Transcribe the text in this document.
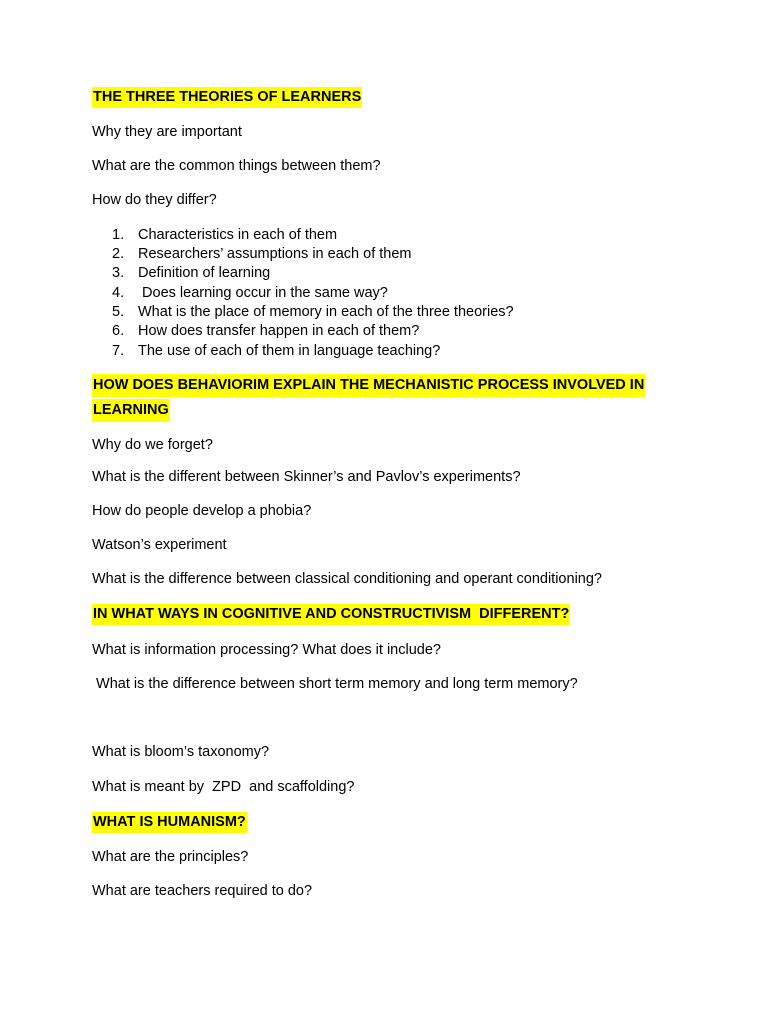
THE THREE THEORIES OF LEARNERS
Why they are important
What are the common things between them?
How do they differ?
1. Characteristics in each of them
2. Researchers’ assumptions in each of them
3. Definition of learning
4. Does learning occur in the same way?
5. What is the place of memory in each of the three theories?
6. How does transfer happen in each of them?
7. The use of each of them in language teaching?
HOW DOES BEHAVIORIM EXPLAIN THE MECHANISTIC PROCESS INVOLVED IN
LEARNING
Why do we forget?
What is the different between Skinner’s and Pavlov’s experiments?
How do people develop a phobia?
Watson’s experiment
What is the difference between classical conditioning and operant conditioning?
IN WHAT WAYS IN COGNITIVE AND CONSTRUCTIVISM  DIFFERENT?
What is information processing? What does it include?
What is the difference between short term memory and long term memory?
What is bloom’s taxonomy?
What is meant by  ZPD  and scaffolding?
WHAT IS HUMANISM?
What are the principles?
What are teachers required to do?
